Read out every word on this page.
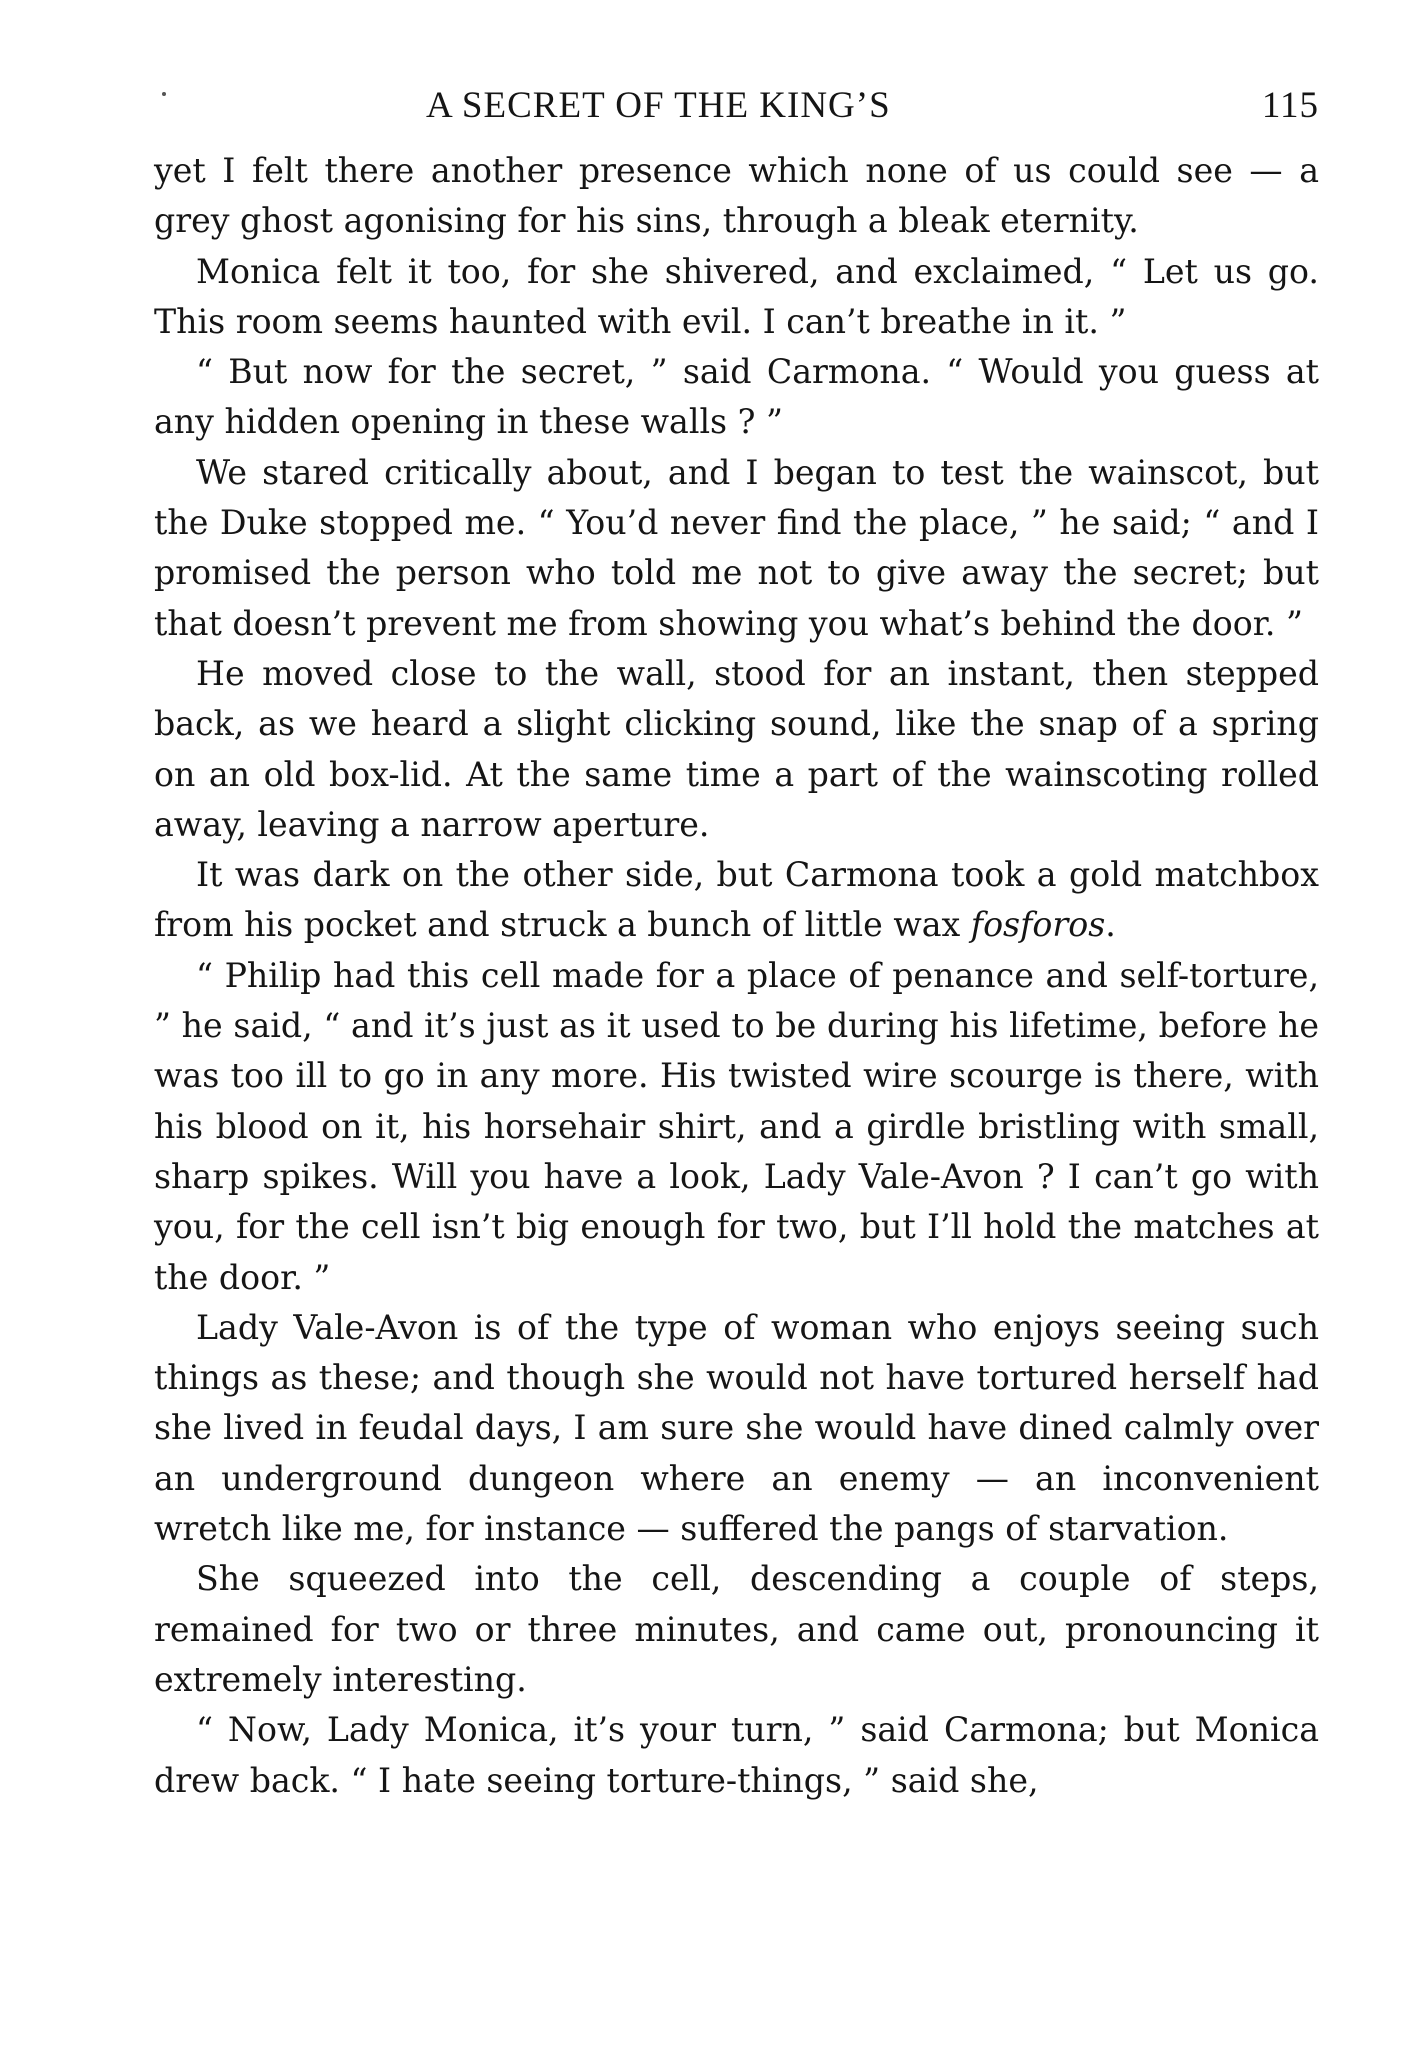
A SECRET OF THE KING’S	115

yet I felt there another presence which none of us could see — a grey ghost agonising for his sins, through a bleak eternity.

Monica felt it too, for she shivered, and exclaimed, “ Let us go. This room seems haunted with evil. I can’t breathe in it. ”

“ But now for the secret, ” said Carmona. “ Would you guess at any hidden opening in these walls ? ”

We stared critically about, and I began to test the wainscot, but the Duke stopped me. “ You’d never find the place, ” he said; “ and I promised the person who told me not to give away the secret; but that doesn’t prevent me from showing you what’s behind the door. ”

He moved close to the wall, stood for an instant, then stepped back, as we heard a slight clicking sound, like the snap of a spring on an old box-lid. At the same time a part of the wainscoting rolled away, leaving a narrow aperture.

It was dark on the other side, but Carmona took a gold matchbox from his pocket and struck a bunch of little wax fosforos.

“ Philip had this cell made for a place of penance and self-torture, ” he said, “ and it’s just as it used to be during his lifetime, before he was too ill to go in any more. His twisted wire scourge is there, with his blood on it, his horsehair shirt, and a girdle bristling with small, sharp spikes. Will you have a look, Lady Vale-Avon ? I can’t go with you, for the cell isn’t big enough for two, but I’ll hold the matches at the door. ”

Lady Vale-Avon is of the type of woman who enjoys seeing such things as these; and though she would not have tortured herself had she lived in feudal days, I am sure she would have dined calmly over an underground dungeon where an enemy — an inconvenient wretch like me, for instance — suffered the pangs of starvation.

She squeezed into the cell, descending a couple of steps, remained for two or three minutes, and came out, pronouncing it extremely interesting.

“ Now, Lady Monica, it’s your turn, ” said Carmona; but Monica drew back. “ I hate seeing torture-things, ” said she,
